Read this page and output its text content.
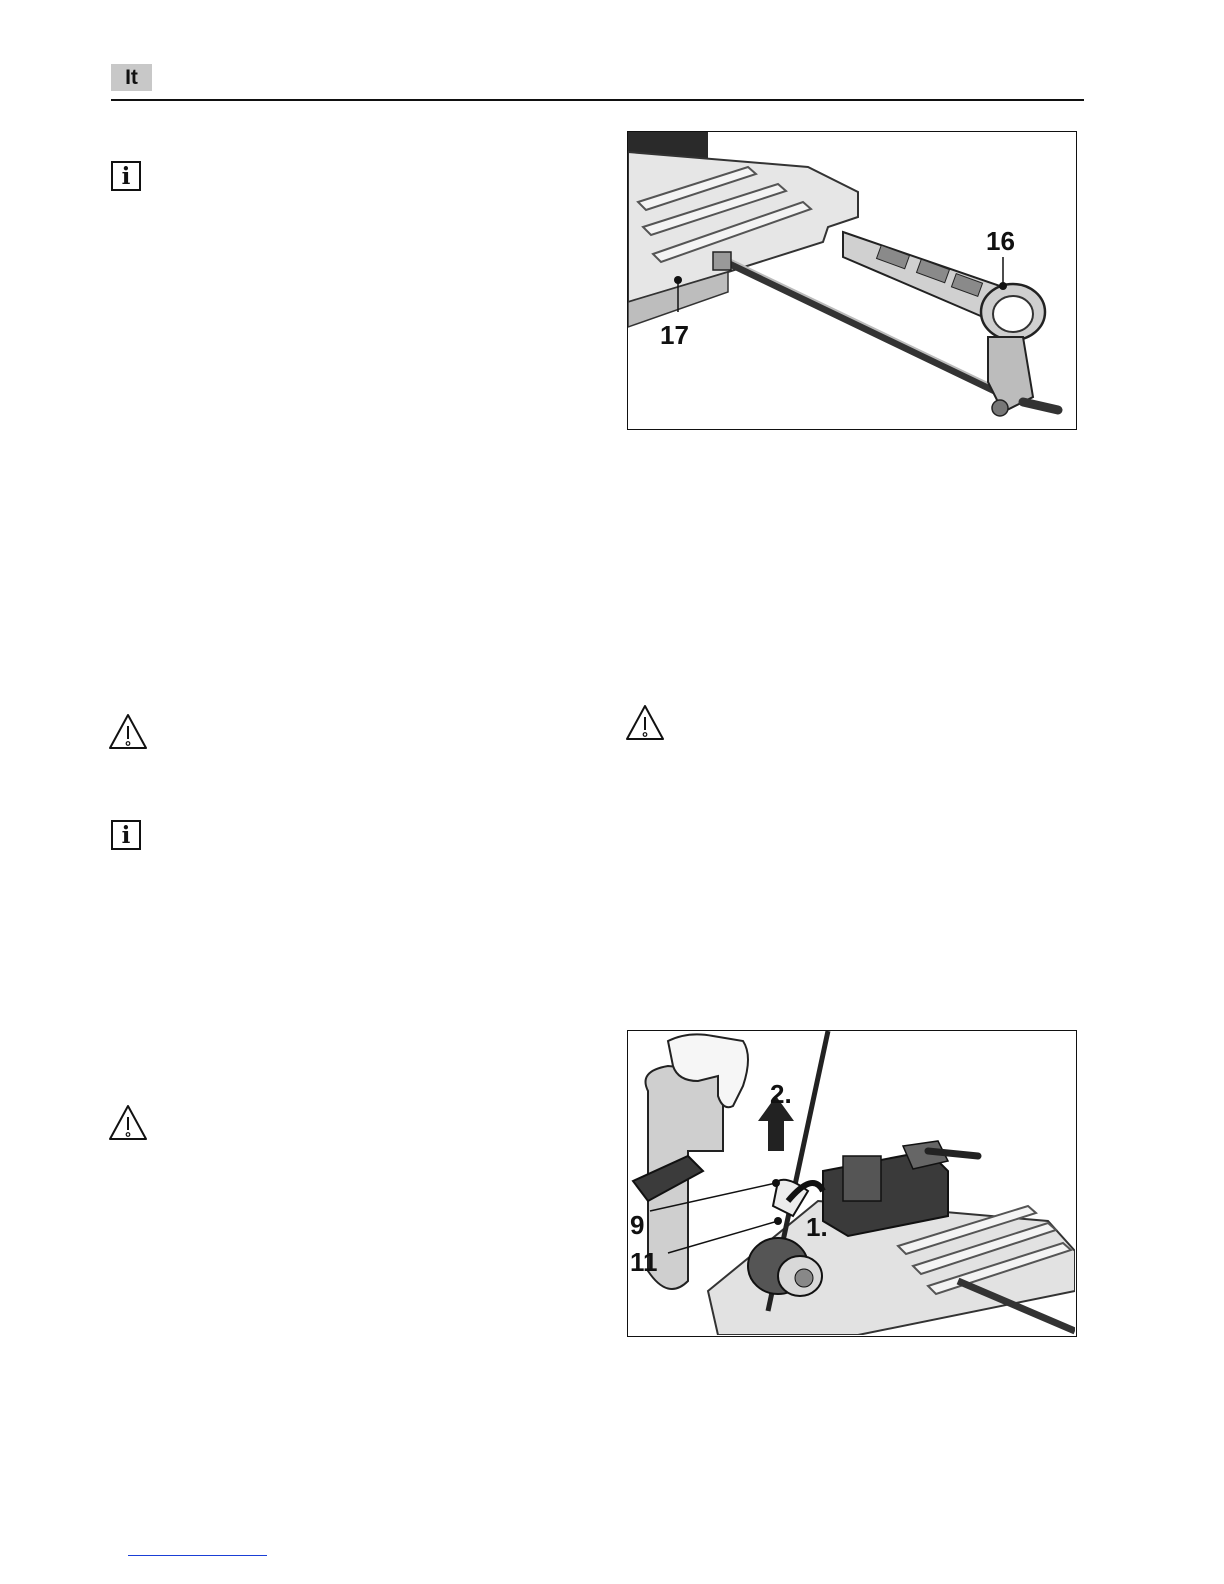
It
i
i
16
17
2.
1.
9
11
